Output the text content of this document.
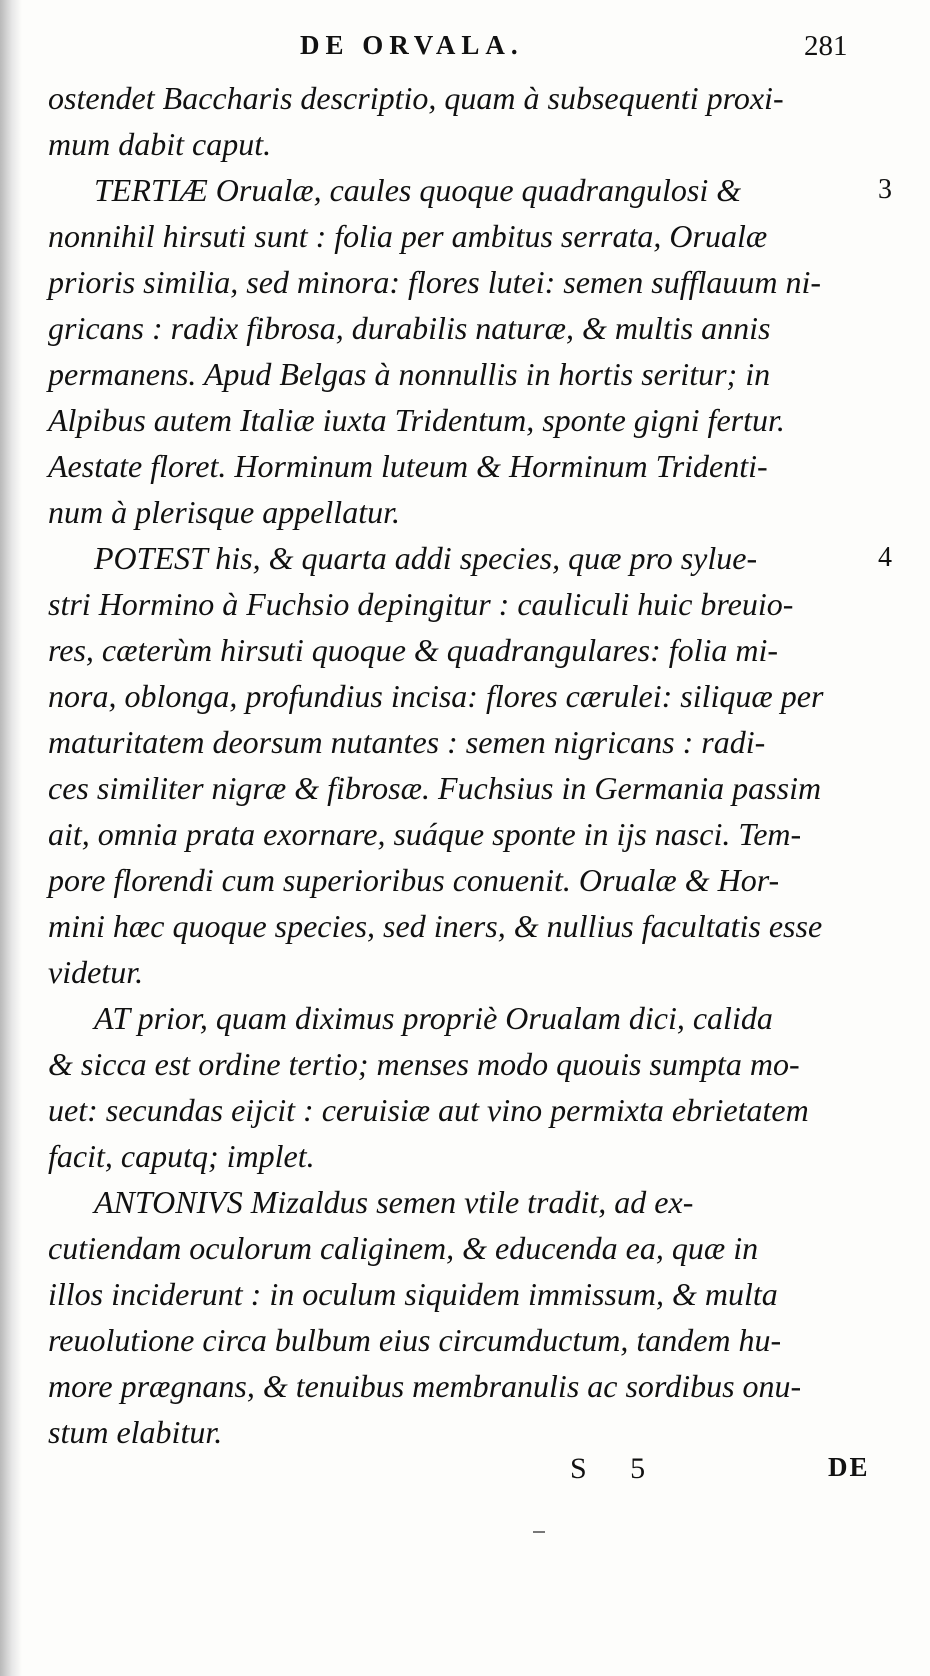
DE ORVALA.	281
ostendet Baccharis descriptio, quam à subsequenti proxi-
mum dabit caput.
TERTIÆ Orualæ, caules quoque quadrangulosi &
nonnihil hirsuti sunt : folia per ambitus serrata, Orualæ
prioris similia, sed minora: flores lutei: semen sufflauum ni-
gricans : radix fibrosa, durabilis naturæ, & multis annis
permanens. Apud Belgas à nonnullis in hortis seritur; in
Alpibus autem Italiæ iuxta Tridentum, sponte gigni fertur.
Aestate floret. Horminum luteum & Horminum Tridenti-
num à plerisque appellatur.
POTEST his, & quarta addi species, quæ pro sylue-
stri Hormino à Fuchsio depingitur : cauliculi huic breuio-
res, cæterùm hirsuti quoque & quadrangulares: folia mi-
nora, oblonga, profundius incisa: flores cærulei: siliquæ per
maturitatem deorsum nutantes : semen nigricans : radi-
ces similiter nigræ & fibrosæ. Fuchsius in Germania passim
ait, omnia prata exornare, suáque sponte in ijs nasci. Tem-
pore florendi cum superioribus conuenit. Orualæ & Hor-
mini hæc quoque species, sed iners, & nullius facultatis esse
videtur.
AT prior, quam diximus propriè Orualam dici, calida
& sicca est ordine tertio; menses modo quouis sumpta mo-
uet: secundas eijcit : ceruisiæ aut vino permixta ebrietatem
facit, caputq; implet.
ANTONIVS Mizaldus semen vtile tradit, ad ex-
cutiendam oculorum caliginem, & educenda ea, quæ in
illos inciderunt : in oculum siquidem immissum, & multa
reuolutione circa bulbum eius circumductum, tandem hu-
more prægnans, & tenuibus membranulis ac sordibus onu-
stum elabitur.
3
4
S 5	DE
